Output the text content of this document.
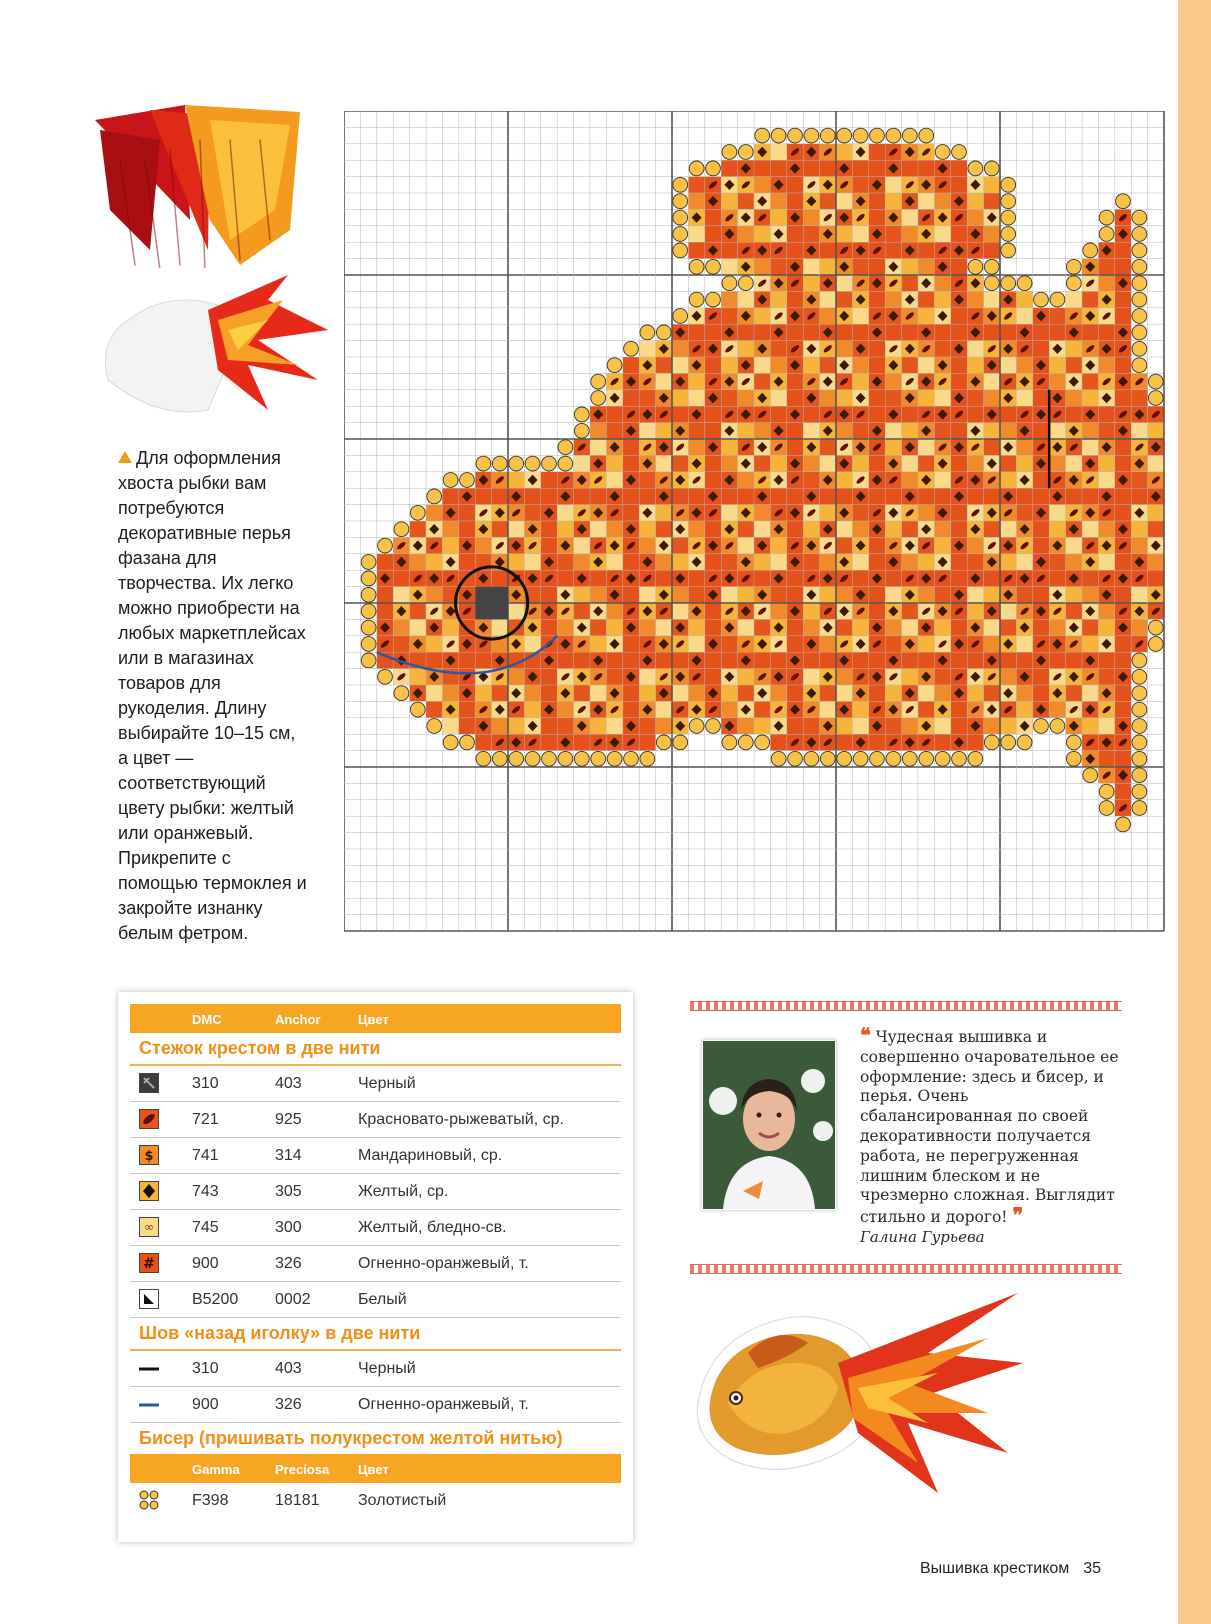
Для оформления хвоста рыбки вам потребуются декоративные перья фазана для творчества. Их легко можно приобрести на любых маркетплейсах или в магазинах товаров для рукоделия. Длину выбирайте 10–15 см, а цвет — соответствующий цвету рыбки: желтый или оранжевый. Прикрепите с помощью термоклея и закройте изнанку белым фетром.
DMC	Anchor	Цвет
Стежок крестом в две нити
310	403	Черный
721	925	Красновато-рыжеватый, ср.
$ 741	314	Мандариновый, ср.
743	305	Желтый, ср.
∞ 745	300	Желтый, бледно-св.
# 900	326	Огненно-оранжевый, т.
B5200 0002	Белый
Шов «назад иголку» в две нити
310	403	Черный
900	326	Огненно-оранжевый, т.
Бисер (пришивать полукрестом желтой нитью)
Gamma	Preciosa Цвет
F398	18181 Золотистый
❝ Чудесная вышивка и совершенно очаровательное ее оформление: здесь и бисер, и перья. Очень сбалансированная по своей декоративности получается работа, не перегруженная лишним блеском и не чрезмерно сложная. Выглядит стильно и дорого! ❞
Галина Гурьева
Вышивка крестиком 35
